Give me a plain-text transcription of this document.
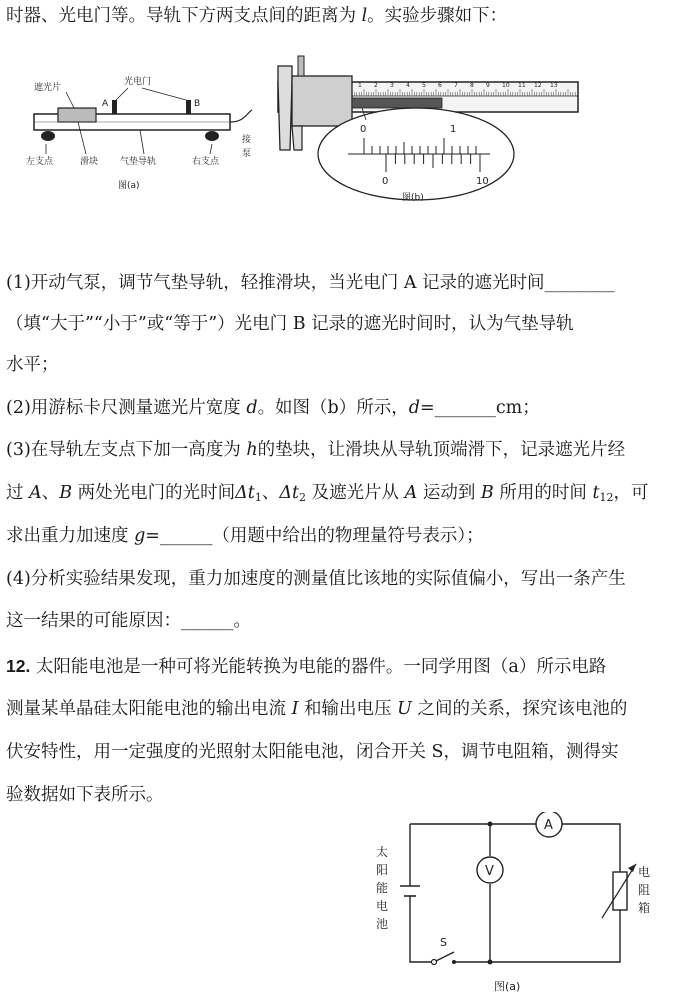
时器、光电门等。导轨下方两支点间的距离为 l。实验步骤如下：
遮光片
光电门
A	B
左支点	滑块 气垫导轨	右支点
接
泵
图(a)
1 2 3 4 5 6 7 8 9 10 11 12 13
0	1
0	10
图(b)
(1)开动气泵，调节气垫导轨，轻推滑块，当光电门 A 记录的遮光时间________
（填“大于”“小于”或“等于”）光电门 B 记录的遮光时间时，认为气垫导轨
水平；
(2)用游标卡尺测量遮光片宽度 d。如图（b）所示，d=_______cm；
(3)在导轨左支点下加一高度为 h的垫块，让滑块从导轨顶端滑下，记录遮光片经
过 A、B 两处光电门的光时间$\Delta t_1$、$\Delta t_2$ 及遮光片从 A 运动到 B 所用的时间 $t_{12}$，可
求出重力加速度 g=______（用题中给出的物理量符号表示）；
(4)分析实验结果发现，重力加速度的测量值比该地的实际值偏小，写出一条产生
这一结果的可能原因：______。
12. 太阳能电池是一种可将光能转换为电能的器件。一同学用图（a）所示电路
测量某单晶硅太阳能电池的输出电流 I 和输出电压 U 之间的关系，探究该电池的
伏安特性，用一定强度的光照射太阳能电池，闭合开关 S，调节电阻箱，测得实
验数据如下表所示。
S
A
V
太
阳
能
电
池
电
阻
箱
图(a)
